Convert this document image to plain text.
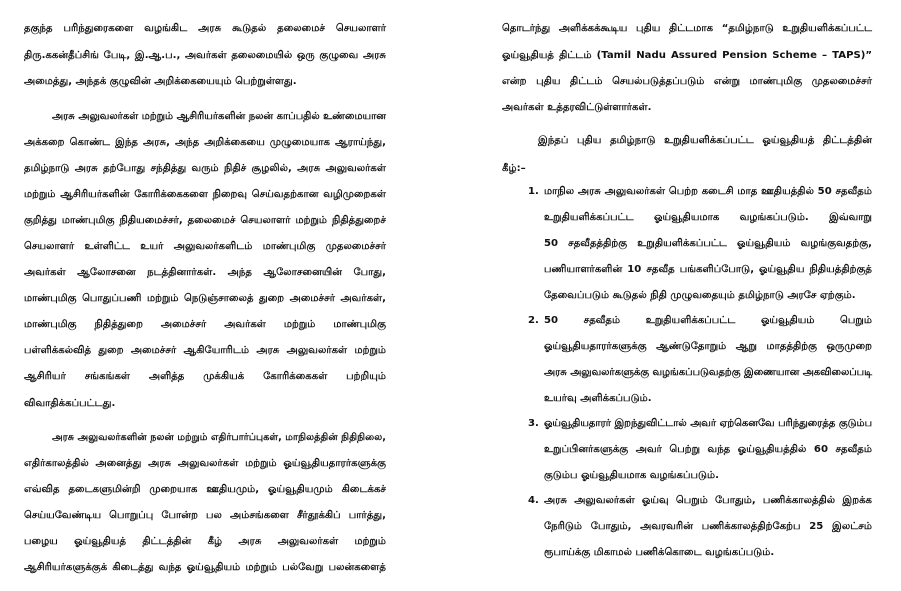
தகுந்த பரிந்துரைகளை வழங்கிட அரசு கூடுதல் தலைமைச் செயலாளர்
திரு.ககன்தீப்சிங் பேடி, இ.ஆ.ப., அவர்கள் தலைமையில் ஒரு குழுவை அரசு
அமைத்து, அந்தக் குழுவின் அறிக்கையையும் பெற்றுள்ளது.
அரசு அலுவலர்கள் மற்றும் ஆசிரியர்களின் நலன் காப்பதில் உண்மையான
அக்கறை கொண்ட இந்த அரசு, அந்த அறிக்கையை முழுமையாக ஆராய்ந்து,
தமிழ்நாடு அரசு தற்போது சந்தித்து வரும் நிதிச் சூழலில், அரசு அலுவலர்கள்
மற்றும் ஆசிரியர்களின் கோரிக்கைகளை நிறைவு செய்வதற்கான வழிமுறைகள்
குறித்து மாண்புமிகு நிதியமைச்சர், தலைமைச் செயலாளர் மற்றும் நிதித்துறைச்
செயலாளர் உள்ளிட்ட உயர் அலுவலர்களிடம் மாண்புமிகு முதலமைச்சர்
அவர்கள் ஆலோசனை நடத்தினார்கள். அந்த ஆலோசனையின் போது,
மாண்புமிகு பொதுப்பணி மற்றும் நெடுஞ்சாலைத் துறை அமைச்சர் அவர்கள்,
மாண்புமிகு நிதித்துறை அமைச்சர் அவர்கள் மற்றும் மாண்புமிகு
பள்ளிக்கல்வித் துறை அமைச்சர் ஆகியோரிடம் அரசு அலுவலர்கள் மற்றும்
ஆசிரியர் சங்கங்கள் அளித்த முக்கியக் கோரிக்கைகள் பற்றியும்
விவாதிக்கப்பட்டது.
அரசு அலுவலர்களின் நலன் மற்றும் எதிர்பார்ப்புகள், மாநிலத்தின் நிதிநிலை,
எதிர்காலத்தில் அனைத்து அரசு அலுவலர்கள் மற்றும் ஓய்வூதியதாரர்களுக்கு
எவ்வித தடைகளுமின்றி முறையாக ஊதியமும், ஓய்வூதியமும் கிடைக்கச்
செய்யவேண்டிய பொறுப்பு போன்ற பல அம்சங்களை சீர்தூக்கிப் பார்த்து,
பழைய ஓய்வூதியத் திட்டத்தின் கீழ் அரசு அலுவலர்கள் மற்றும்
ஆசிரியர்களுக்குக் கிடைத்து வந்த ஓய்வூதியம் மற்றும் பல்வேறு பலன்களைத்
தொடர்ந்து அளிக்கக்கூடிய புதிய திட்டமாக “தமிழ்நாடு உறுதியளிக்கப்பட்ட
ஓய்வூதியத் திட்டம் (Tamil Nadu Assured Pension Scheme – TAPS)”
என்ற புதிய திட்டம் செயல்படுத்தப்படும் என்று மாண்புமிகு முதலமைச்சர்
அவர்கள் உத்தரவிட்டுள்ளார்கள்.
இந்தப் புதிய தமிழ்நாடு உறுதியளிக்கப்பட்ட ஓய்வூதியத் திட்டத்தின்
கீழ்:–
1. மாநில அரசு அலுவலர்கள் பெற்ற கடைசி மாத ஊதியத்தில் 50 சதவீதம்
உறுதியளிக்கப்பட்ட ஓய்வூதியமாக வழங்கப்படும். இவ்வாறு
50 சதவீதத்திற்கு உறுதியளிக்கப்பட்ட ஓய்வூதியம் வழங்குவதற்கு,
பணியாளர்களின் 10 சதவீத பங்களிப்போடு, ஓய்வூதிய நிதியத்திற்குத்
தேவைப்படும் கூடுதல் நிதி முழுவதையும் தமிழ்நாடு அரசே ஏற்கும்.
2. 50 சதவீதம் உறுதியளிக்கப்பட்ட ஓய்வூதியம் பெறும்
ஓய்வூதியதாரர்களுக்கு ஆண்டுதோறும் ஆறு மாதத்திற்கு ஒருமுறை
அரசு அலுவலர்களுக்கு வழங்கப்படுவதற்கு இணையான அகவிலைப்படி
உயர்வு அளிக்கப்படும்.
3. ஓய்வூதியதாரர் இறந்துவிட்டால் அவர் ஏற்கெனவே பரிந்துரைத்த குடும்ப
உறுப்பினர்களுக்கு அவர் பெற்று வந்த ஓய்வூதியத்தில் 60 சதவீதம்
குடும்ப ஓய்வூதியமாக வழங்கப்படும்.
4. அரசு அலுவலர்கள் ஓய்வு பெறும் போதும், பணிக்காலத்தில் இறக்க
நேரிடும் போதும், அவரவரின் பணிக்காலத்திற்கேற்ப 25 இலட்சம்
ரூபாய்க்கு மிகாமல் பணிக்கொடை வழங்கப்படும்.
